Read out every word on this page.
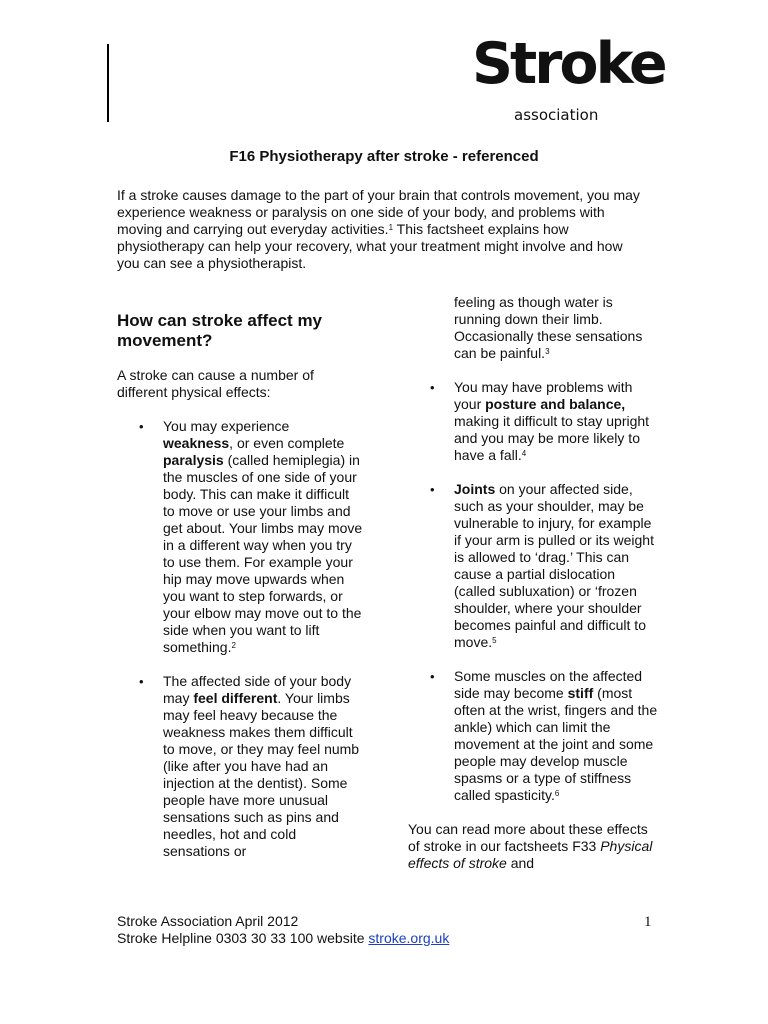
Stroke
association
F16 Physiotherapy after stroke - referenced
If a stroke causes damage to the part of your brain that controls movement, you may experience weakness or paralysis on one side of your body, and problems with moving and carrying out everyday activities.$^1$ This factsheet explains how physiotherapy can help your recovery, what your treatment might involve and how you can see a physiotherapist.
How can stroke affect my movement?

A stroke can cause a number of different physical effects:

• You may experience weakness, or even complete paralysis (called hemiplegia) in the muscles of one side of your body. This can make it difficult to move or use your limbs and get about. Your limbs may move in a different way when you try to use them. For example your hip may move upwards when you want to step forwards, or your elbow may move out to the side when you want to lift something.$^2$
• The affected side of your body may feel different. Your limbs may feel heavy because the weakness makes them difficult to move, or they may feel numb (like after you have had an injection at the dentist). Some people have more unusual sensations such as pins and needles, hot and cold sensations or
feeling as though water is running down their limb. Occasionally these sensations can be painful.$^3$
• You may have problems with your posture and balance, making it difficult to stay upright and you may be more likely to have a fall.$^4$
• Joints on your affected side, such as your shoulder, may be vulnerable to injury, for example if your arm is pulled or its weight is allowed to ‘drag.’ This can cause a partial dislocation (called subluxation) or ‘frozen shoulder, where your shoulder becomes painful and difficult to move.$^5$
• Some muscles on the affected side may become stiff (most often at the wrist, fingers and the ankle) which can limit the movement at the joint and some people may develop muscle spasms or a type of stiffness called spasticity.$^6$

You can read more about these effects of stroke in our factsheets F33 Physical effects of stroke and

Stroke Association April 2012
Stroke Helpline 0303 30 33 100 website stroke.org.uk
1
